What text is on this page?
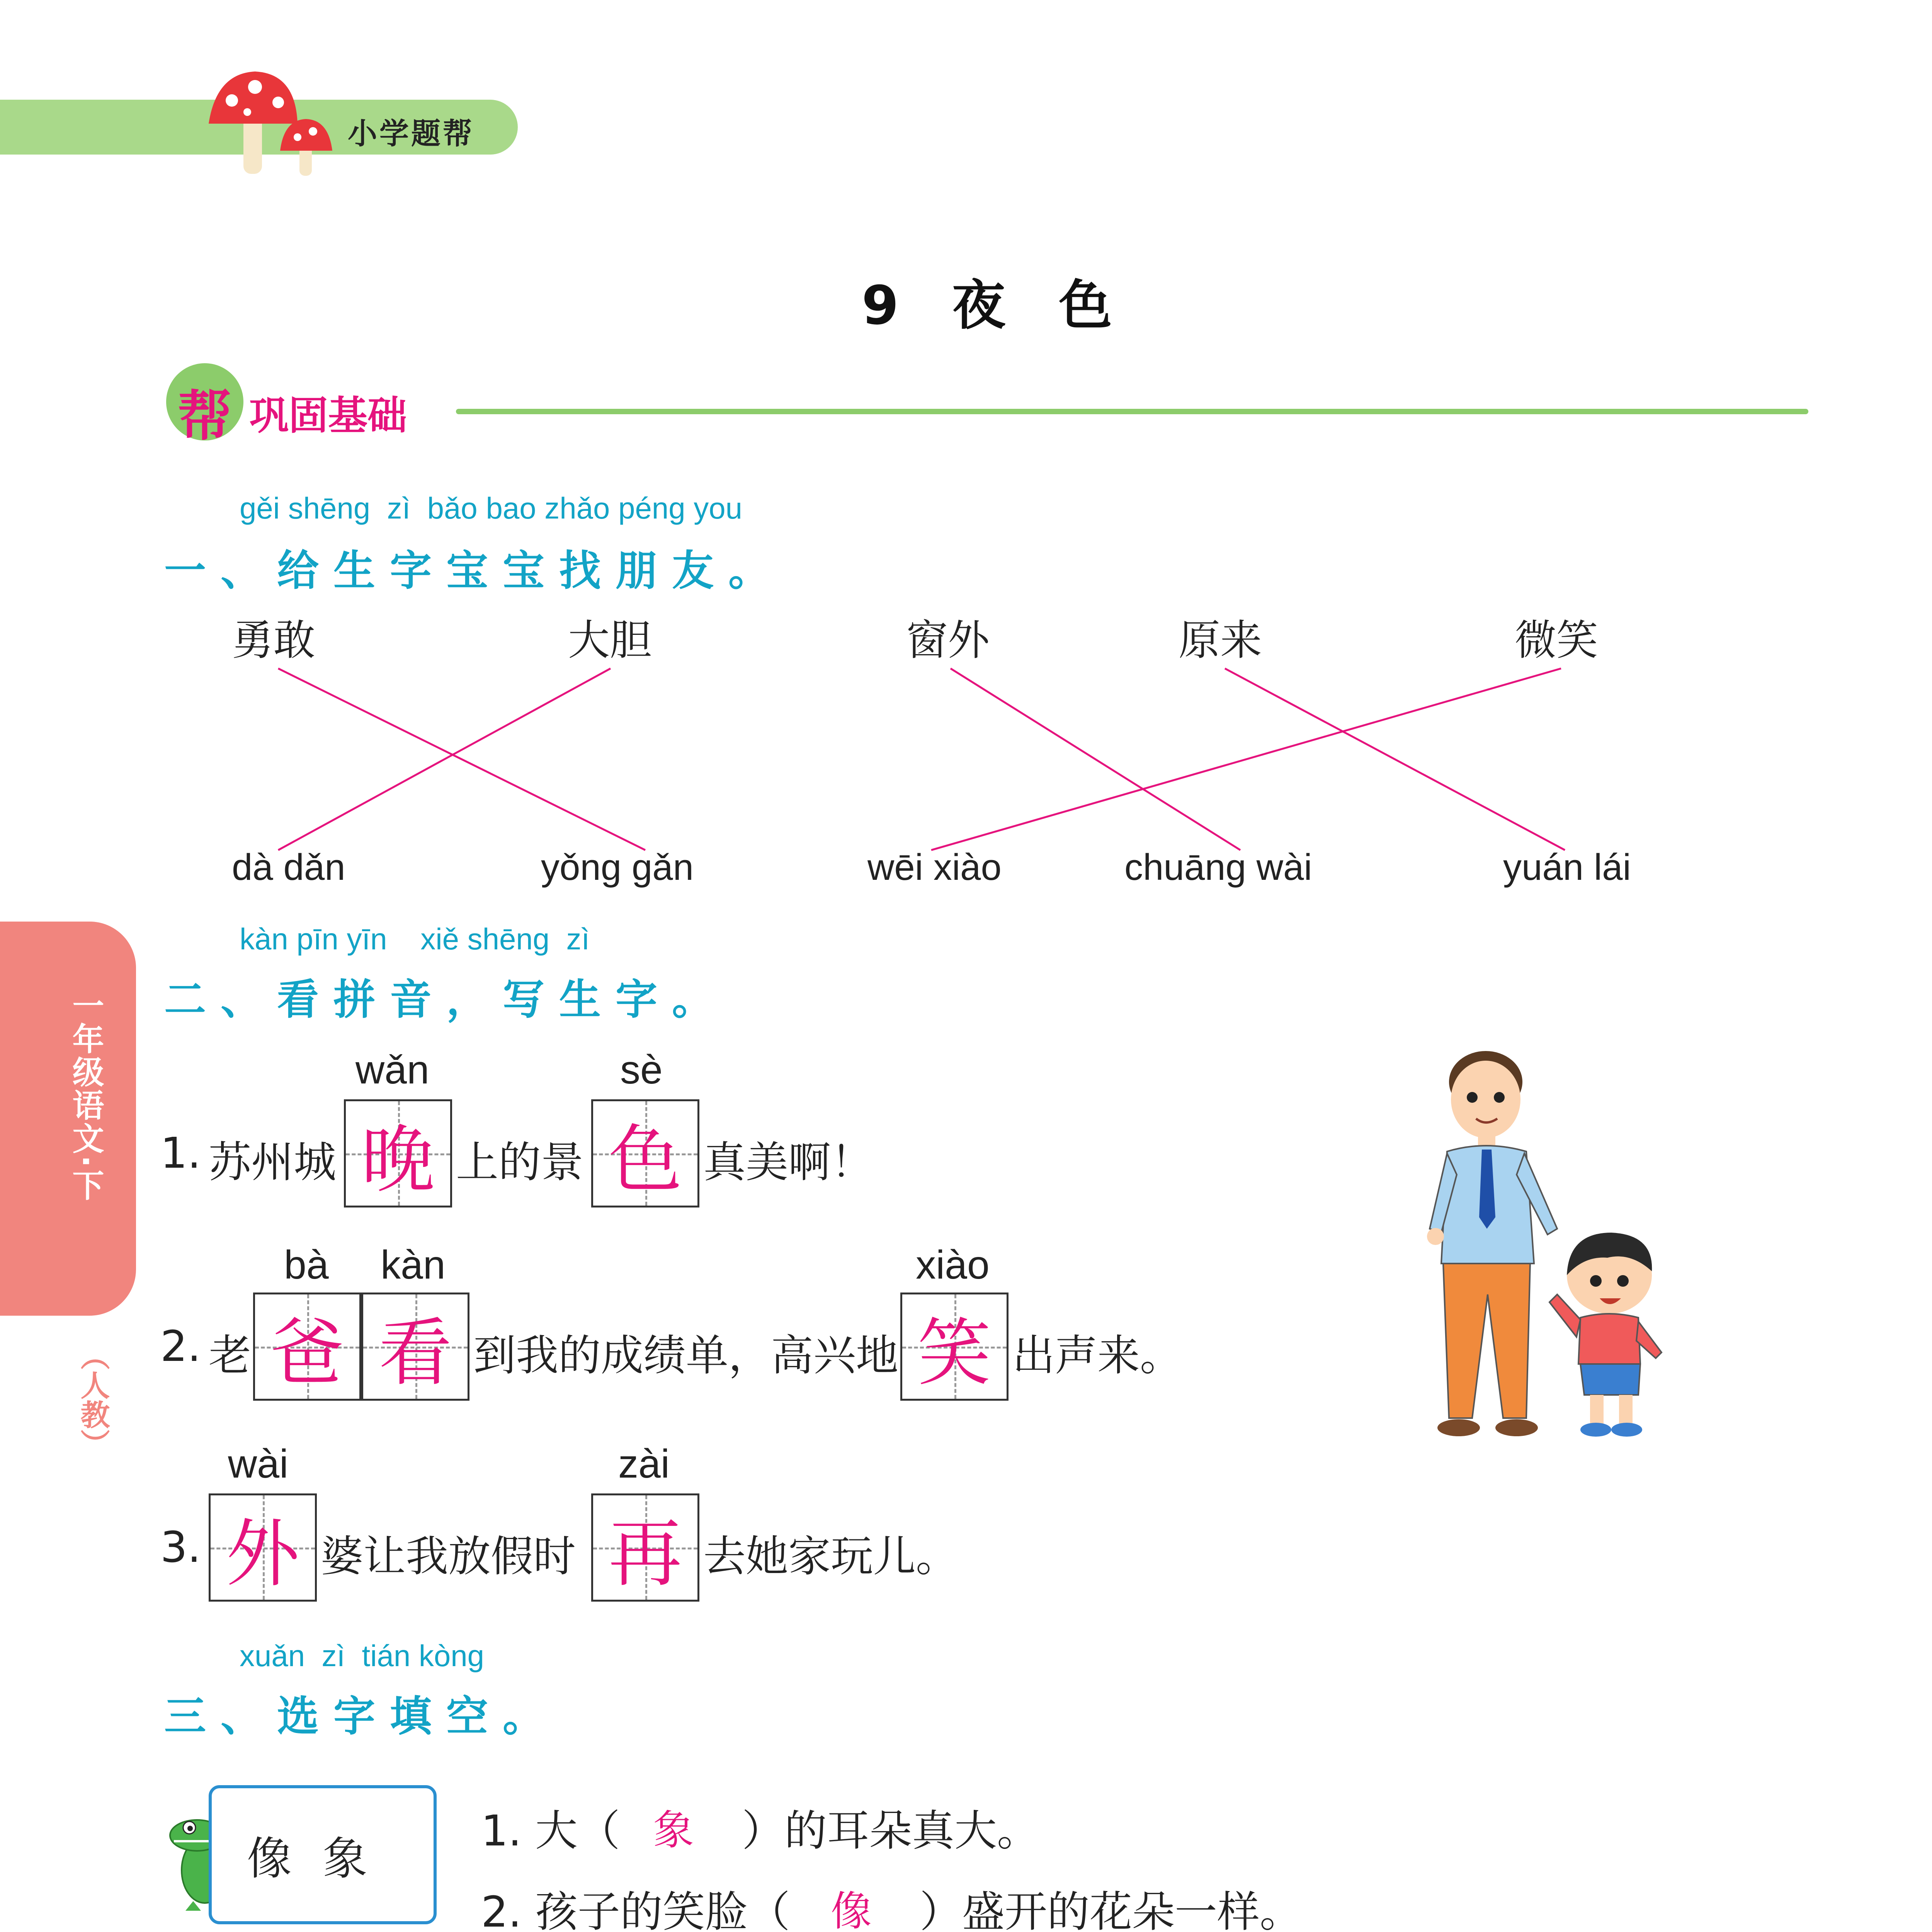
小学题帮
9　夜　色
帮 巩固基础
一年级语文·下
（人教）
gěi shēng  zì  bǎo bao zhǎo péng you
一、给生字宝宝找朋友。
勇敢	大胆	窗外	原来	微笑
dà dǎn	yǒng gǎn	wēi xiào	chuāng wài	yuán lái
kàn pīn yīn    xiě shēng  zì
二、看拼音，写生字。
1. 苏州城
wǎn
晚 上的景
sè
色 真美啊！
2. 老
bà
爸
kàn
看 到我的成绩单，高兴地
xiào
笑 出声来。
3.
wài
外 婆让我放假时
zài
再 去她家玩儿。
xuǎn  zì  tián kòng
三、选字填空。
像象
1. 大（ 象 ）的耳朵真大。
2. 孩子的笑脸（ 像 ）盛开的花朵一样。
